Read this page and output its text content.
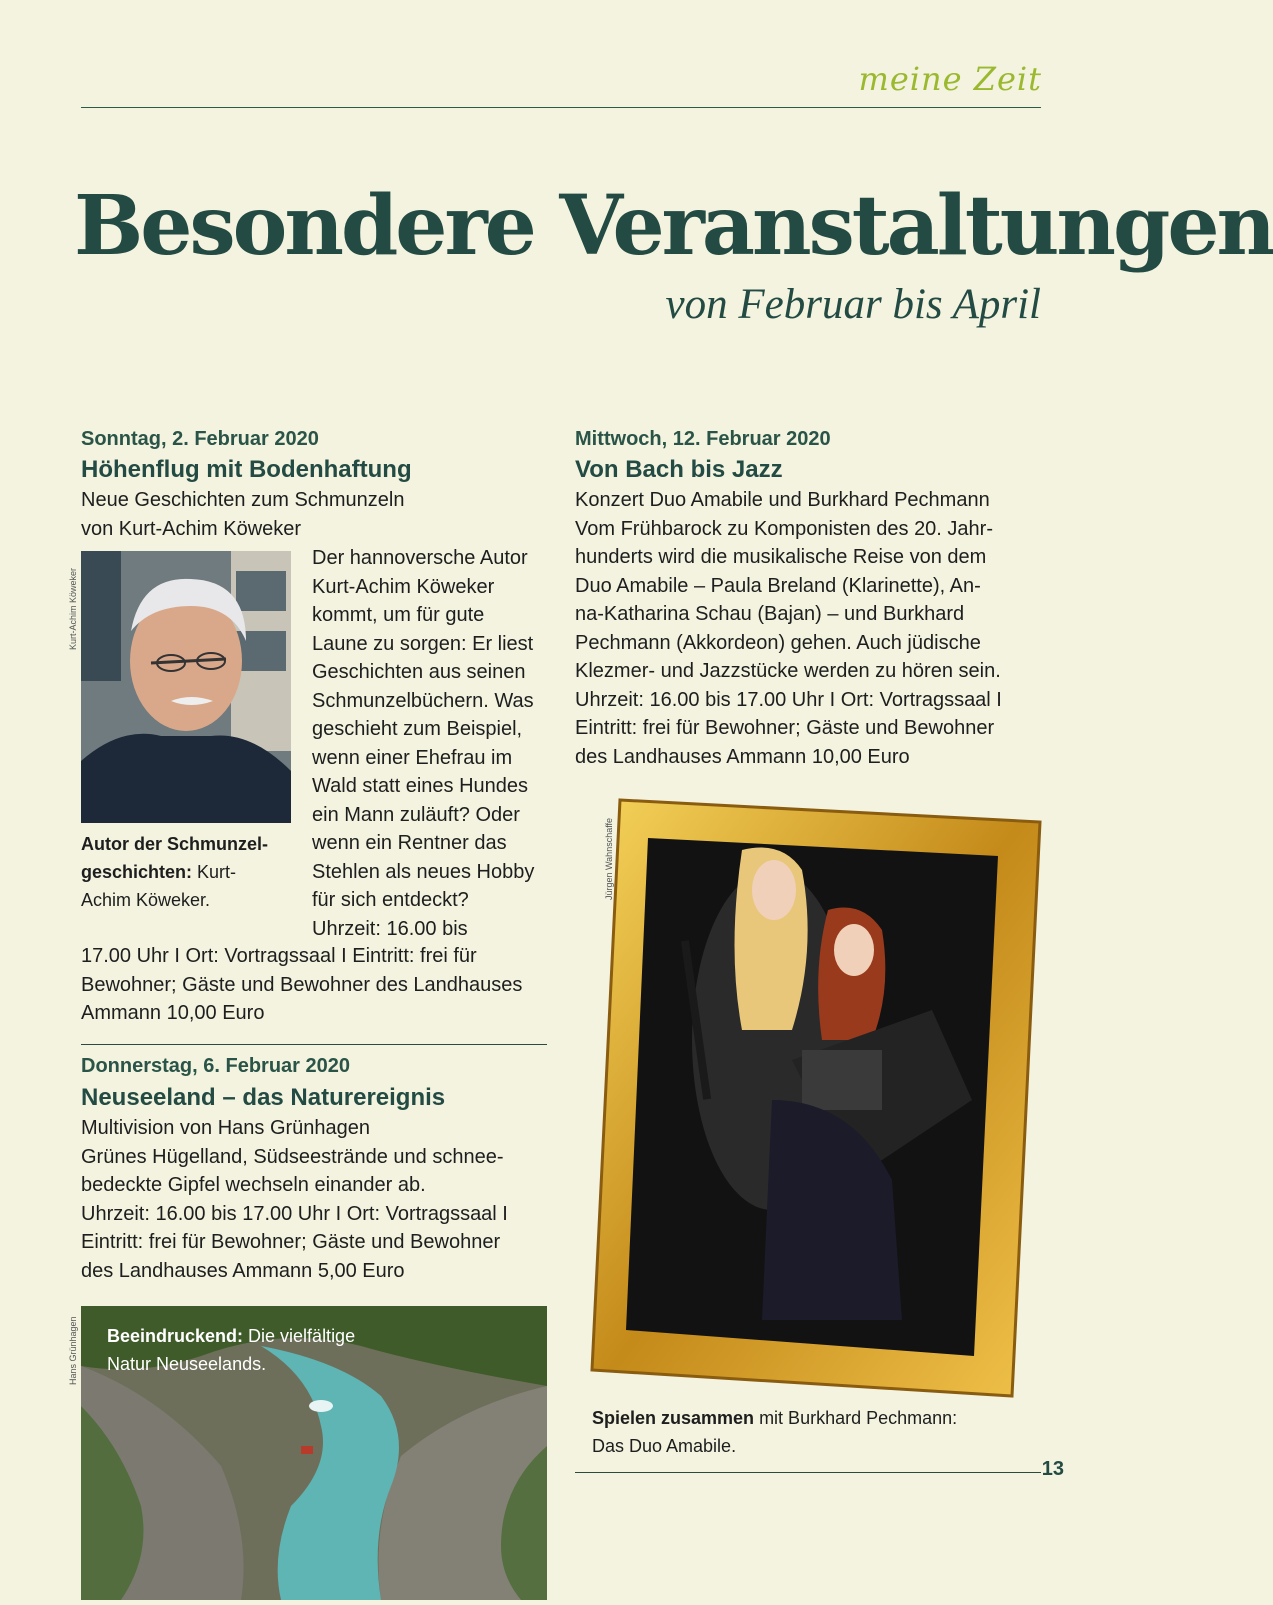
meine Zeit
Besondere Veranstaltungen
von Februar bis April
Sonntag, 2. Februar 2020
Höhenflug mit Bodenhaftung
Neue Geschichten zum Schmunzeln
von Kurt-Achim Köweker
Kurt-Achim Köweker
Autor der Schmunzel-
geschichten: Kurt-
Achim Köweker.
Der hannoversche Autor
Kurt-Achim Köweker
kommt, um für gute
Laune zu sorgen: Er liest
Geschichten aus seinen
Schmunzelbüchern. Was
geschieht zum Beispiel,
wenn einer Ehefrau im
Wald statt eines Hundes
ein Mann zuläuft? Oder
wenn ein Rentner das
Stehlen als neues Hobby
für sich entdeckt?
Uhrzeit: 16.00 bis
17.00 Uhr I Ort: Vortragssaal I Eintritt: frei für
Bewohner; Gäste und Bewohner des Landhauses
Ammann 10,00 Euro
Donnerstag, 6. Februar 2020
Neuseeland – das Naturereignis
Multivision von Hans Grünhagen
Grünes Hügelland, Südseestrände und schnee-
bedeckte Gipfel wechseln einander ab.
Uhrzeit: 16.00 bis 17.00 Uhr I Ort: Vortragssaal I
Eintritt: frei für Bewohner; Gäste und Bewohner
des Landhauses Ammann 5,00 Euro
Hans Grünhagen Beeindruckend: Die vielfältige
Natur Neuseelands.
Mittwoch, 12. Februar 2020
Von Bach bis Jazz
Konzert Duo Amabile und Burkhard Pechmann
Vom Frühbarock zu Komponisten des 20. Jahr-
hunderts wird die musikalische Reise von dem
Duo Amabile – Paula Breland (Klarinette), An-
na-Katharina Schau (Bajan) – und Burkhard
Pechmann (Akkordeon) gehen. Auch jüdische
Klezmer- und Jazzstücke werden zu hören sein.
Uhrzeit: 16.00 bis 17.00 Uhr I Ort: Vortragssaal I
Eintritt: frei für Bewohner; Gäste und Bewohner
des Landhauses Ammann 10,00 Euro
Jürgen Wahnschaffe
Spielen zusammen mit Burkhard Pechmann:
Das Duo Amabile.
13
